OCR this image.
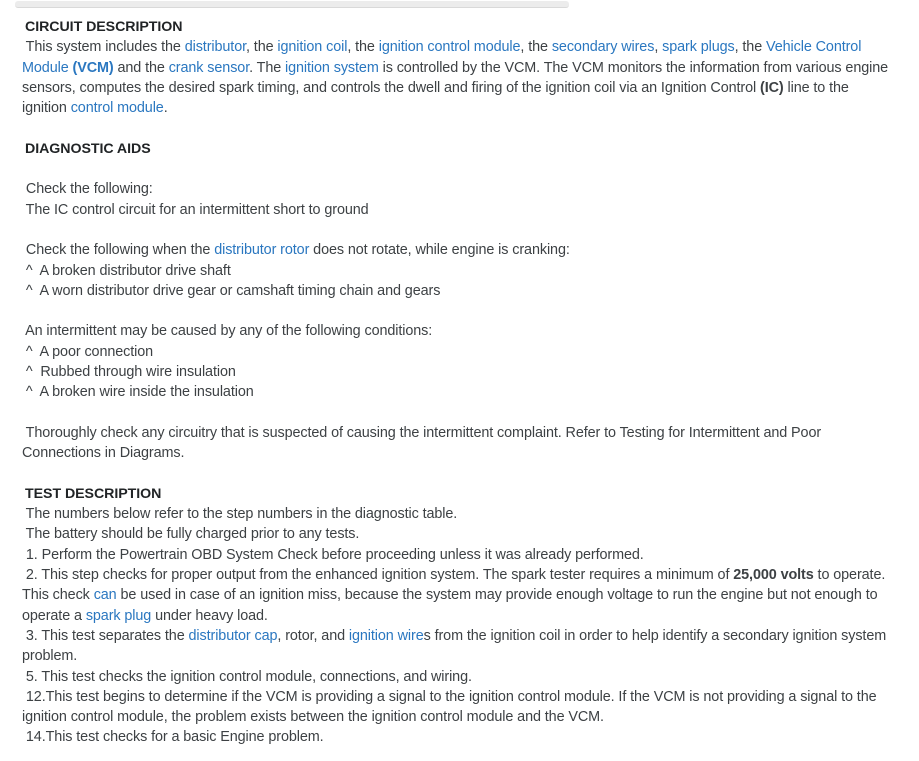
CIRCUIT DESCRIPTION
This system includes the distributor, the ignition coil, the ignition control module, the secondary wires, spark plugs, the Vehicle Control
Module (VCM) and the crank sensor. The ignition system is controlled by the VCM. The VCM monitors the information from various engine
sensors, computes the desired spark timing, and controls the dwell and firing of the ignition coil via an Ignition Control (IC) line to the
ignition control module.

DIAGNOSTIC AIDS

Check the following:
The IC control circuit for an intermittent short to ground

Check the following when the distributor rotor does not rotate, while engine is cranking:
^  A broken distributor drive shaft
^  A worn distributor drive gear or camshaft timing chain and gears

An intermittent may be caused by any of the following conditions:
^  A poor connection
^  Rubbed through wire insulation
^  A broken wire inside the insulation

Thoroughly check any circuitry that is suspected of causing the intermittent complaint. Refer to Testing for Intermittent and Poor
Connections in Diagrams.

TEST DESCRIPTION
The numbers below refer to the step numbers in the diagnostic table.
The battery should be fully charged prior to any tests.
1. Perform the Powertrain OBD System Check before proceeding unless it was already performed.
2. This step checks for proper output from the enhanced ignition system. The spark tester requires a minimum of 25,000 volts to operate.
This check can be used in case of an ignition miss, because the system may provide enough voltage to run the engine but not enough to
operate a spark plug under heavy load.
3. This test separates the distributor cap, rotor, and ignition wires from the ignition coil in order to help identify a secondary ignition system
problem.
5. This test checks the ignition control module, connections, and wiring.
12.This test begins to determine if the VCM is providing a signal to the ignition control module. If the VCM is not providing a signal to the
ignition control module, the problem exists between the ignition control module and the VCM.
14.This test checks for a basic Engine problem.
